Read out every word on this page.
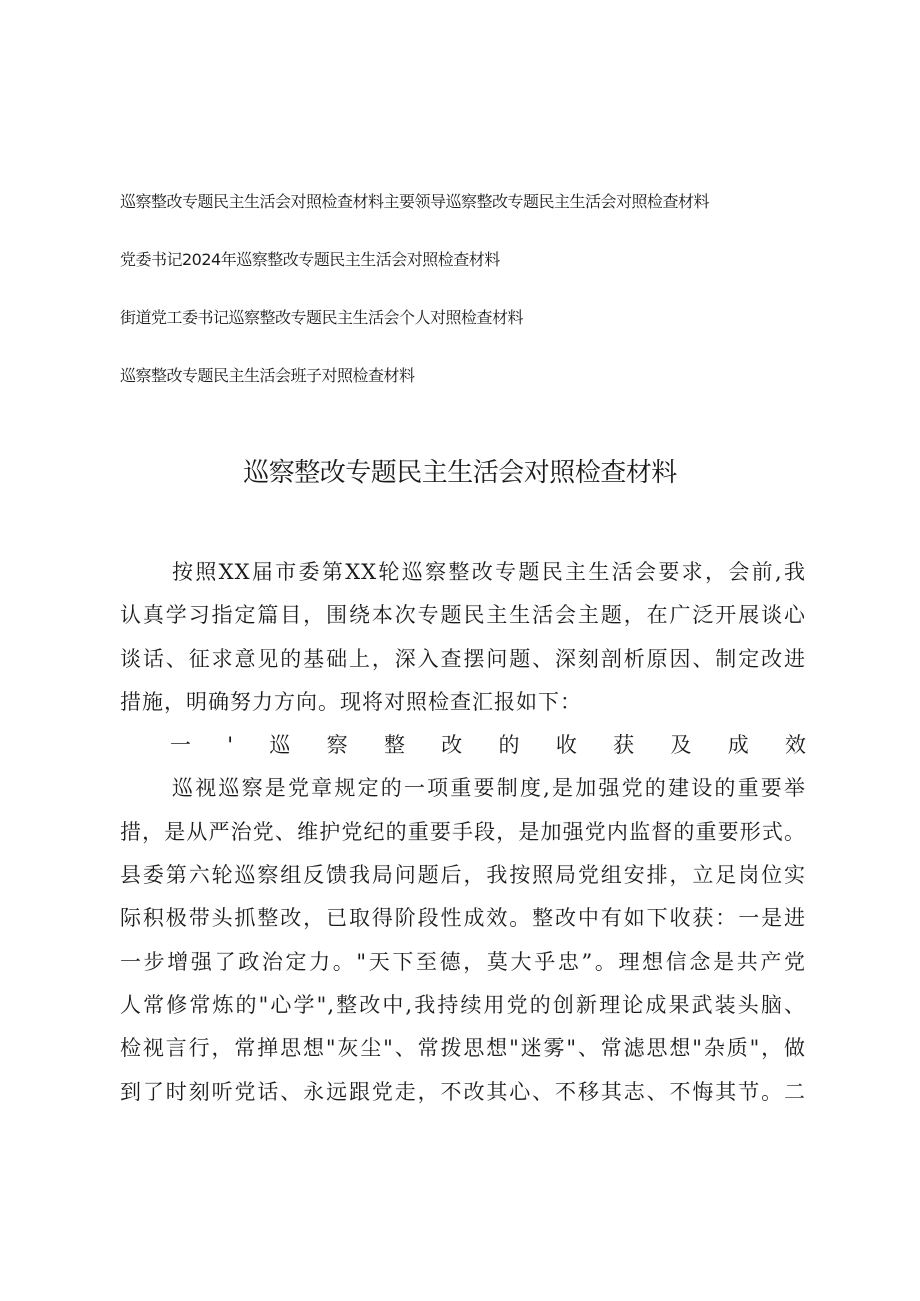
巡察整改专题民主生活会对照检查材料主要领导巡察整改专题民主生活会对照检查材料
党委书记2024年巡察整改专题民主生活会对照检查材料
街道党工委书记巡察整改专题民主生活会个人对照检查材料
巡察整改专题民主生活会班子对照检查材料
巡察整改专题民主生活会对照检查材料
按照XX届市委第XX轮巡察整改专题民主生活会要求，会前,我
认真学习指定篇目，围绕本次专题民主生活会主题，在广泛开展谈心
谈话、征求意见的基础上，深入查摆问题、深刻剖析原因、制定改进
措施，明确努力方向。现将对照检查汇报如下：
一'巡察整改的收获及成效
巡视巡察是党章规定的一项重要制度,是加强党的建设的重要举
措，是从严治党、维护党纪的重要手段，是加强党内监督的重要形式。
县委第六轮巡察组反馈我局问题后，我按照局党组安排，立足岗位实
际积极带头抓整改，已取得阶段性成效。整改中有如下收获：一是进
一步增强了政治定力。"天下至德，莫大乎忠”。理想信念是共产党
人常修常炼的"心学",整改中,我持续用党的创新理论成果武装头脑、
检视言行，常掸思想"灰尘"、常拨思想"迷雾"、常滤思想"杂质"，做
到了时刻听党话、永远跟党走，不改其心、不移其志、不悔其节。二
